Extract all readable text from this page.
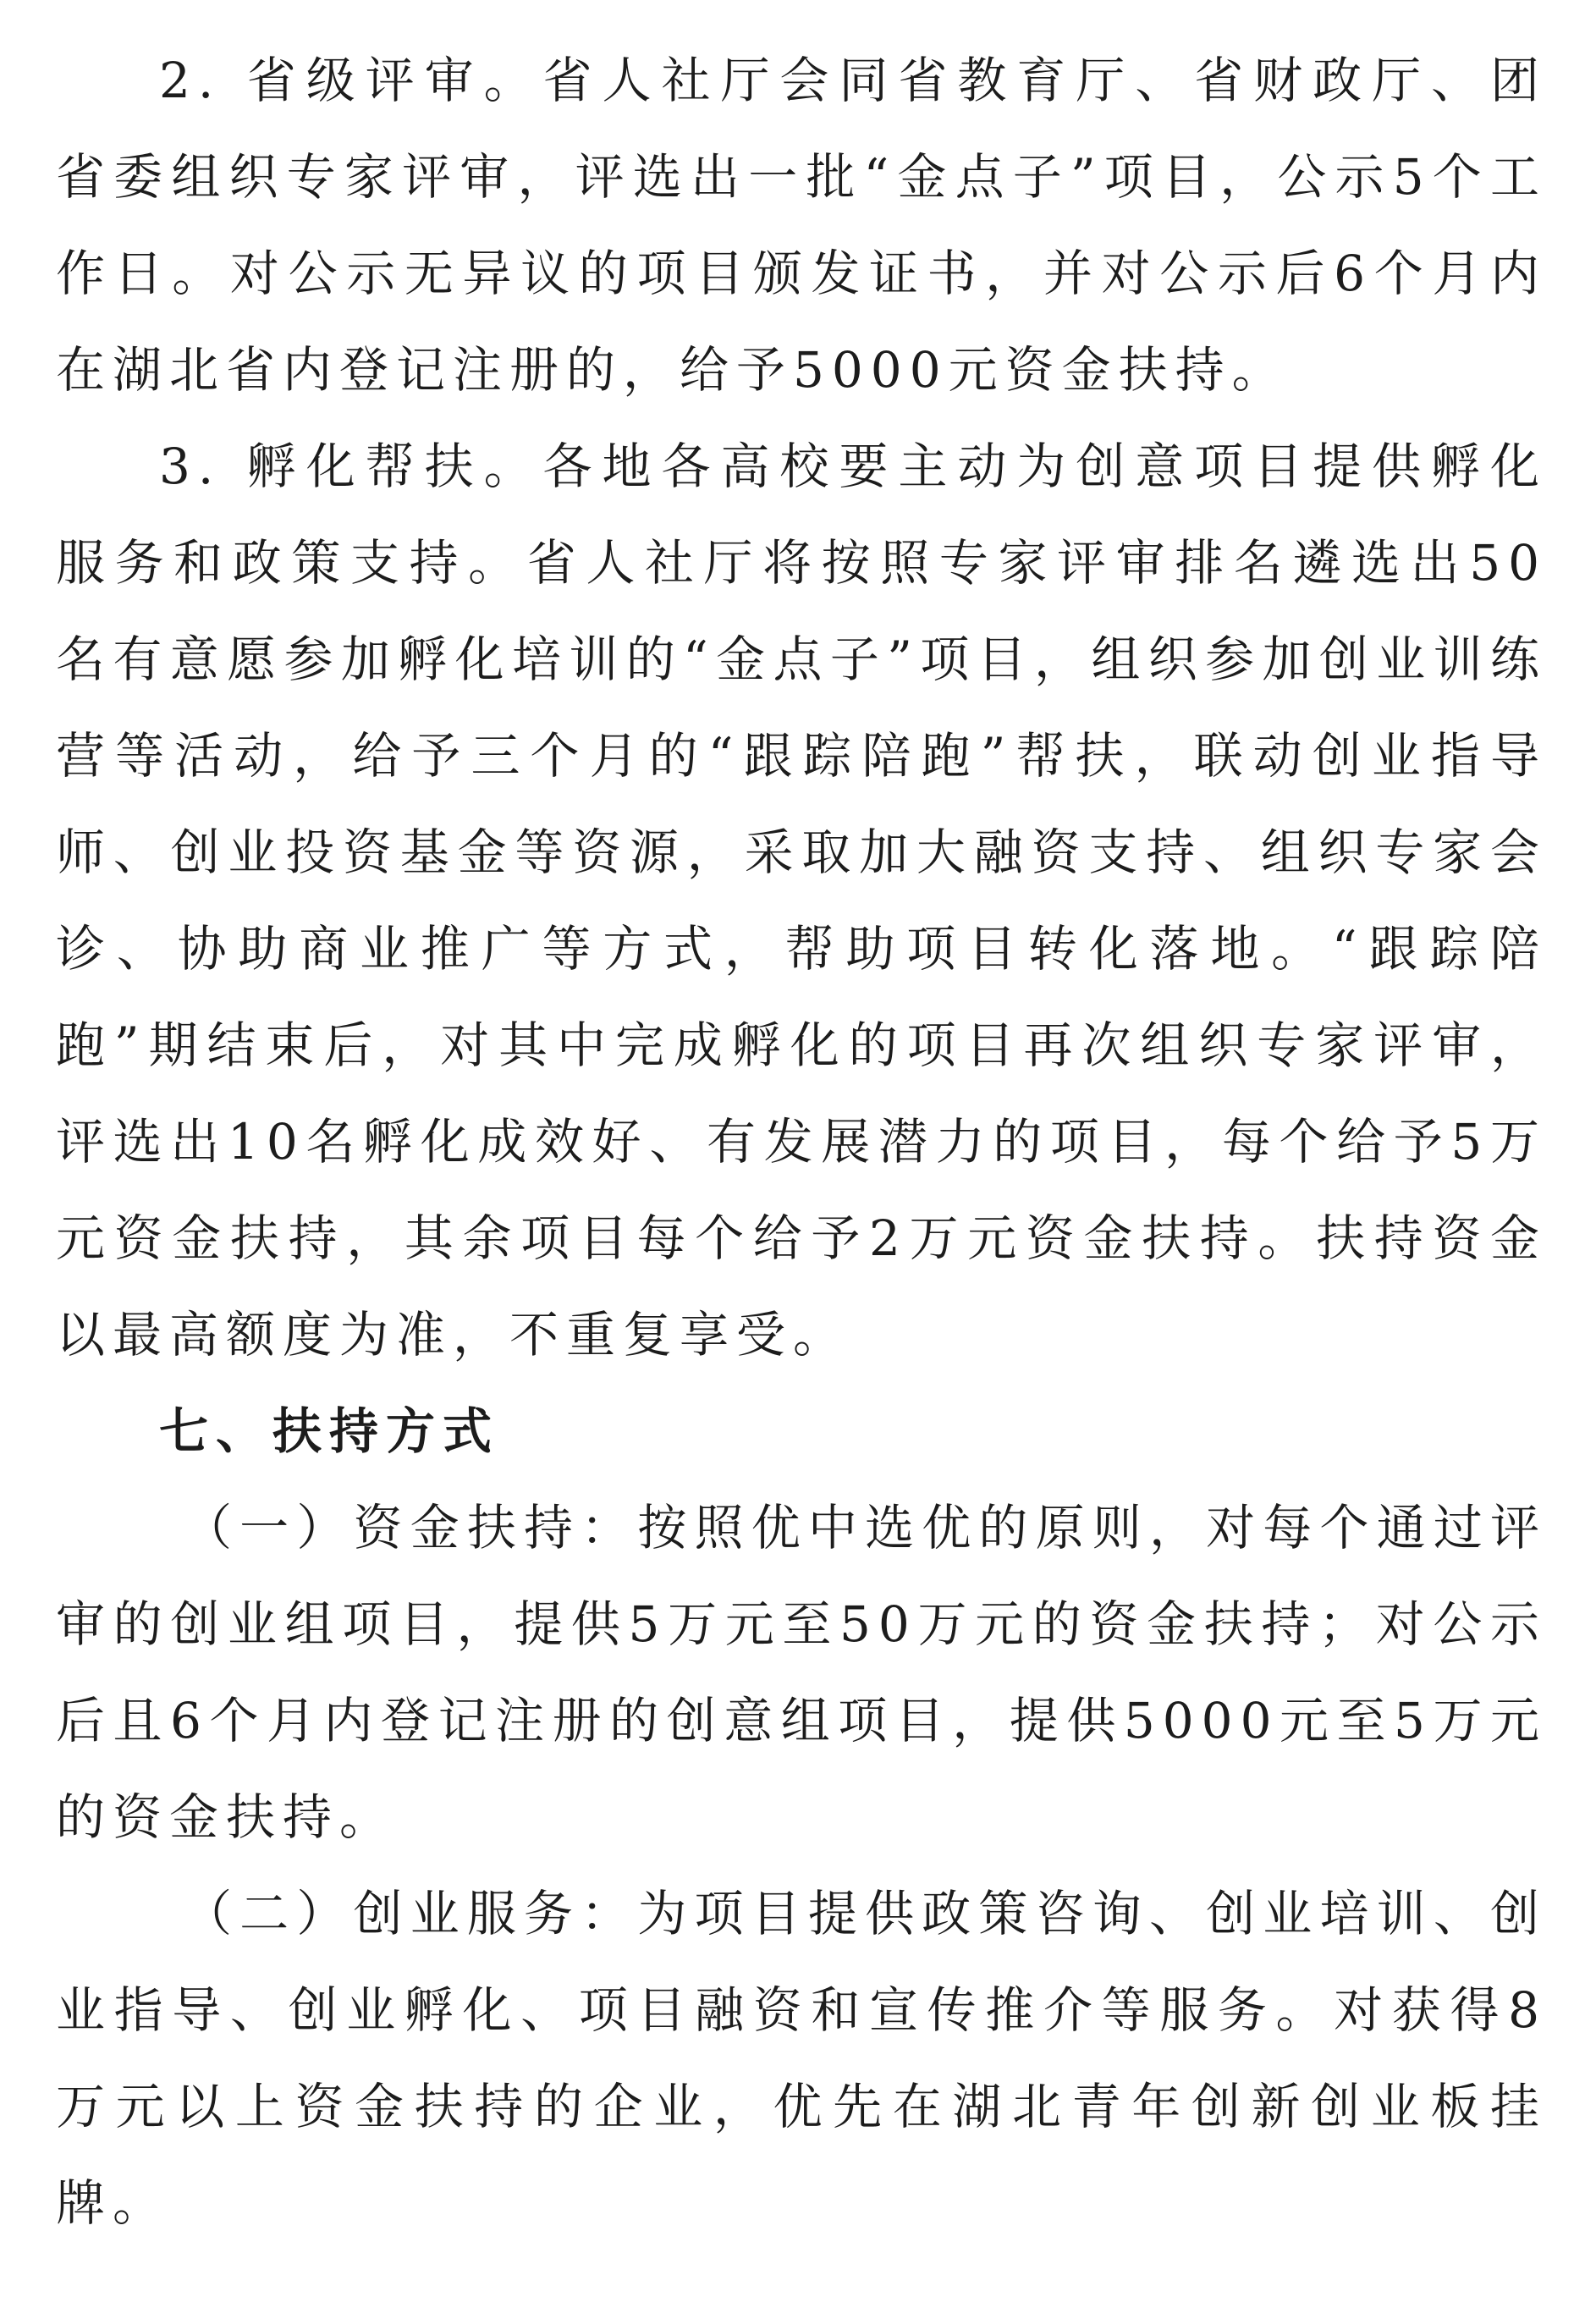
2. 省级评审。省人社厅会同省教育厅、省财政厅、团省委组织专家评审，评选出一批“金点子”项目，公示5个工作日。对公示无异议的项目颁发证书，并对公示后6个月内在湖北省内登记注册的，给予5000元资金扶持。

3. 孵化帮扶。各地各高校要主动为创意项目提供孵化服务和政策支持。省人社厅将按照专家评审排名遴选出50名有意愿参加孵化培训的“金点子”项目，组织参加创业训练营等活动，给予三个月的“跟踪陪跑”帮扶，联动创业指导师、创业投资基金等资源，采取加大融资支持、组织专家会诊、协助商业推广等方式，帮助项目转化落地。“跟踪陪跑”期结束后，对其中完成孵化的项目再次组织专家评审，评选出10名孵化成效好、有发展潜力的项目，每个给予5万元资金扶持，其余项目每个给予2万元资金扶持。扶持资金以最高额度为准，不重复享受。

七、扶持方式

（一）资金扶持：按照优中选优的原则，对每个通过评审的创业组项目，提供5万元至50万元的资金扶持；对公示后且6个月内登记注册的创意组项目，提供5000元至5万元的资金扶持。

（二）创业服务：为项目提供政策咨询、创业培训、创业指导、创业孵化、项目融资和宣传推介等服务。对获得8万元以上资金扶持的企业，优先在湖北青年创新创业板挂牌。
